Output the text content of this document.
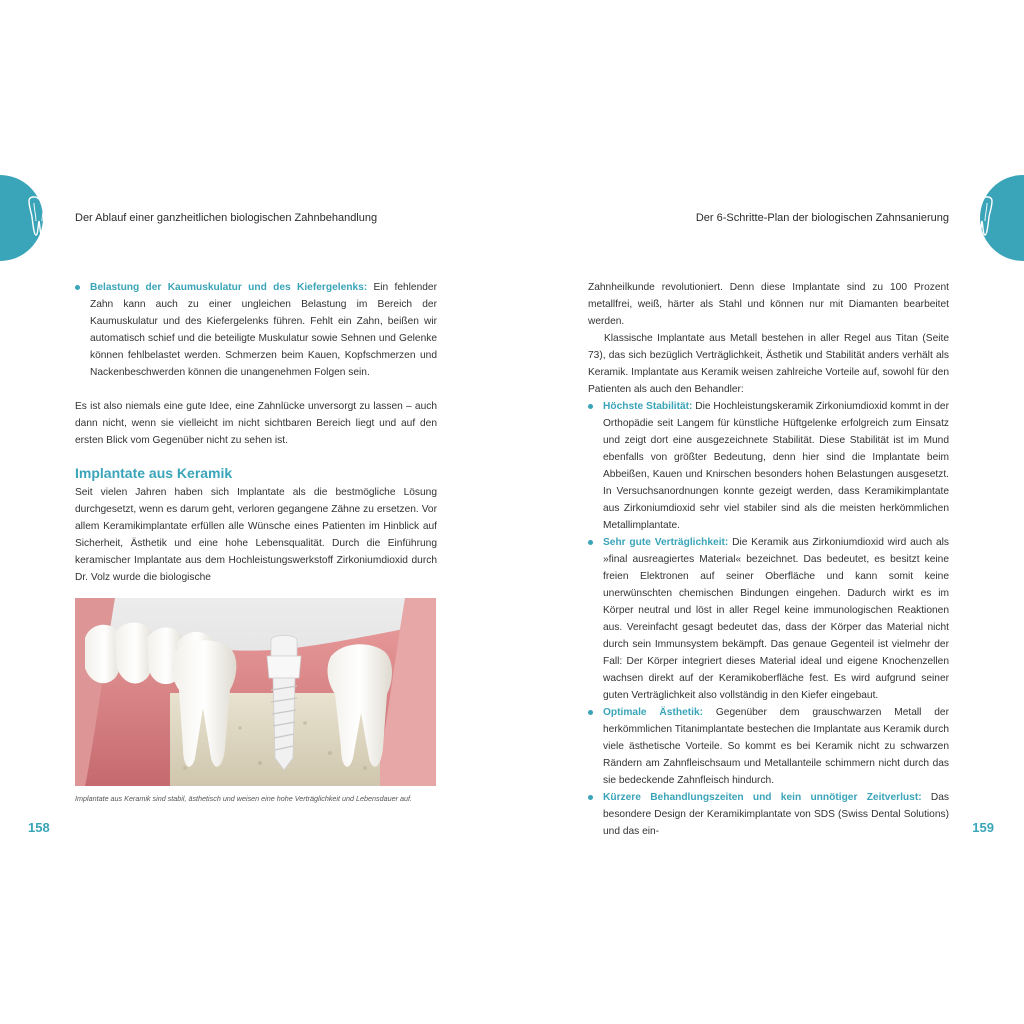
Der Ablauf einer ganzheitlichen biologischen Zahnbehandlung
Belastung der Kaumuskulatur und des Kiefergelenks: Ein fehlender Zahn kann auch zu einer ungleichen Belastung im Bereich der Kaumuskulatur und des Kiefergelenks führen. Fehlt ein Zahn, beißen wir automatisch schief und die beteiligte Muskulatur sowie Sehnen und Gelenke können fehlbelastet werden. Schmerzen beim Kauen, Kopfschmerzen und Nackenbeschwerden können die unangenehmen Folgen sein.

Es ist also niemals eine gute Idee, eine Zahnlücke unversorgt zu lassen – auch dann nicht, wenn sie vielleicht im nicht sichtbaren Bereich liegt und auf den ersten Blick vom Gegenüber nicht zu sehen ist.

Implantate aus Keramik

Seit vielen Jahren haben sich Implantate als die bestmögliche Lösung durchgesetzt, wenn es darum geht, verloren gegangene Zähne zu ersetzen. Vor allem Keramikimplantate erfüllen alle Wünsche eines Patienten im Hinblick auf Sicherheit, Ästhetik und eine hohe Lebensqualität. Durch die Einführung keramischer Implantate aus dem Hochleistungswerkstoff Zirkoniumdioxid durch Dr. Volz wurde die biologische

Implantate aus Keramik sind stabil, ästhetisch und weisen eine hohe Verträglichkeit und Lebensdauer auf.
158
Der 6-Schritte-Plan der biologischen Zahnsanierung

Zahnheilkunde revolutioniert. Denn diese Implantate sind zu 100 Prozent metallfrei, weiß, härter als Stahl und können nur mit Diamanten bearbeitet werden.

Klassische Implantate aus Metall bestehen in aller Regel aus Titan (Seite 73), das sich bezüglich Verträglichkeit, Ästhetik und Stabilität anders verhält als Keramik. Implantate aus Keramik weisen zahlreiche Vorteile auf, sowohl für den Patienten als auch den Behandler:

Höchste Stabilität: Die Hochleistungskeramik Zirkoniumdioxid kommt in der Orthopädie seit Langem für künstliche Hüftgelenke erfolgreich zum Einsatz und zeigt dort eine ausgezeichnete Stabilität. Diese Stabilität ist im Mund ebenfalls von größter Bedeutung, denn hier sind die Implantate beim Abbeißen, Kauen und Knirschen besonders hohen Belastungen ausgesetzt. In Versuchsanordnungen konnte gezeigt werden, dass Keramikimplantate aus Zirkoniumdioxid sehr viel stabiler sind als die meisten herkömmlichen Metallimplantate.
Sehr gute Verträglichkeit: Die Keramik aus Zirkoniumdioxid wird auch als »final ausreagiertes Material« bezeichnet. Das bedeutet, es besitzt keine freien Elektronen auf seiner Oberfläche und kann somit keine unerwünschten chemischen Bindungen eingehen. Dadurch wirkt es im Körper neutral und löst in aller Regel keine immunologischen Reaktionen aus. Vereinfacht gesagt bedeutet das, dass der Körper das Material nicht durch sein Immunsystem bekämpft. Das genaue Gegenteil ist vielmehr der Fall: Der Körper integriert dieses Material ideal und eigene Knochenzellen wachsen direkt auf der Keramikoberfläche fest. Es wird aufgrund seiner guten Verträglichkeit also vollständig in den Kiefer eingebaut.
Optimale Ästhetik: Gegenüber dem grauschwarzen Metall der herkömmlichen Titanimplantate bestechen die Implantate aus Keramik durch viele ästhetische Vorteile. So kommt es bei Keramik nicht zu schwarzen Rändern am Zahnfleischsaum und Metallanteile schimmern nicht durch das sie bedeckende Zahnfleisch hindurch.
Kürzere Behandlungszeiten und kein unnötiger Zeitverlust: Das besondere Design der Keramikimplantate von SDS (Swiss Dental Solutions) und das ein-	159
